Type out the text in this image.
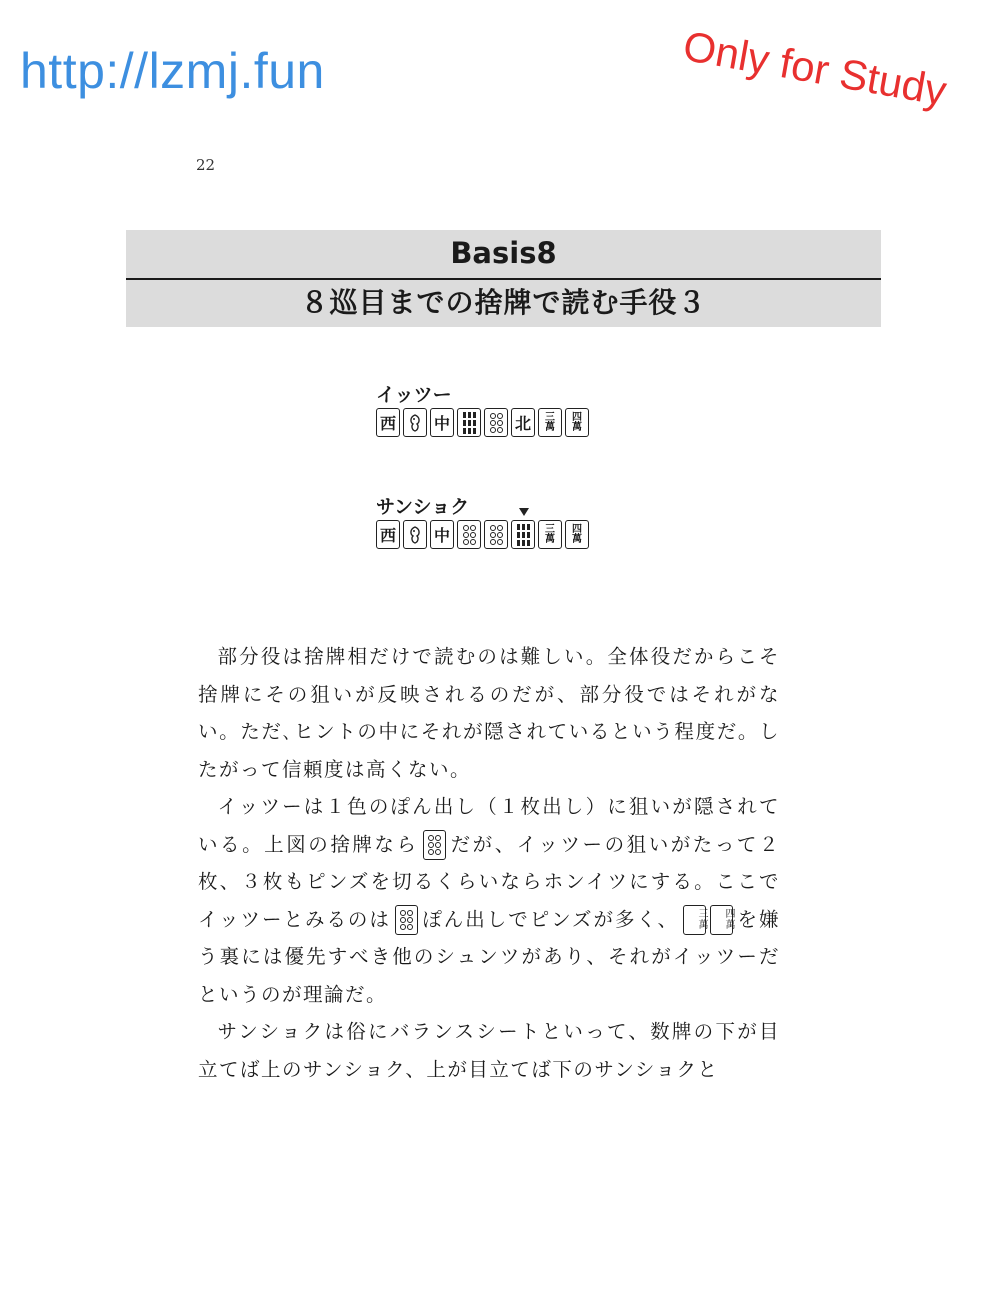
http://lzmj.fun	Only for Study
22
Basis8
８巡目までの捨牌で読む手役３
イッツー
西 中	北	三
萬
四
萬
サンショク
西 中	三
萬
四
萬

部分役は捨牌相だけで読むのは難しい。全体役だからこそ捨牌にその狙いが反映されるのだが、部分役ではそれがない。ただ､ヒントの中にそれが隠されているという程度だ。したがって信頼度は高くない。

イッツーは１色のぽん出し（１枚出し）に狙いが隠されている。上図の捨牌なら だが、イッツーの狙いがたって２枚、３枚もピンズを切るくらいならホンイツにする。ここでイッツーとみるのは ぽん出しでピンズが多く、	三
萬
四
萬 を嫌う裏には優先すべき他のシュンツがあり、それがイッツーだというのが理論だ。

サンショクは俗にバランスシートといって、数牌の下が目立てば上のサンショク、上が目立てば下のサンショクと
